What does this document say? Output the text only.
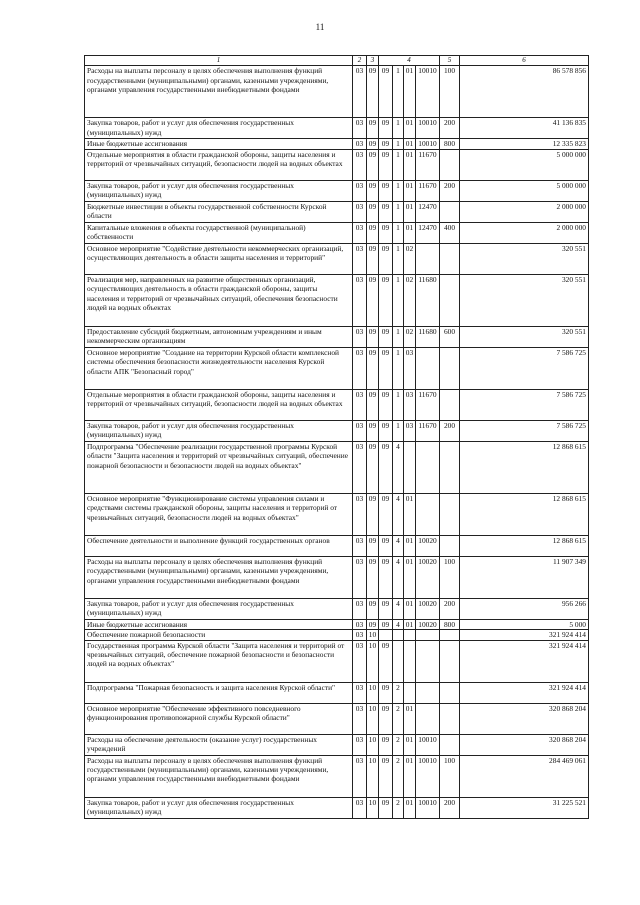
11
1	2	3	4				5	6
Расходы на выплаты персоналу в целях обеспечения выполнения функций государственными (муниципальными) органами, казенными учреждениями, органами управления государственными внебюджетными фондами	03	09	09	1	01	10010	100	86 578 856
Закупка товаров, работ и услуг для обеспечения государственных (муниципальных) нужд	03	09	09	1	01	10010	200	41 136 835
Иные бюджетные ассигнования	03	09	09	1	01	10010	800	12 335 823
Отдельные мероприятия в области гражданской обороны, защиты населения и территорий от чрезвычайных ситуаций, безопасности людей на водных объектах	03	09	09	1	01	11670		5 000 000
Закупка товаров, работ и услуг для обеспечения государственных (муниципальных) нужд	03	09	09	1	01	11670	200	5 000 000
Бюджетные инвестиции в объекты государственной собственности Курской области	03	09	09	1	01	12470		2 000 000
Капитальные вложения в объекты государственной (муниципальной) собственности	03	09	09	1	01	12470	400	2 000 000
Основное мероприятие "Содействие деятельности некоммерческих организаций, осуществляющих деятельность в области защиты населения и территорий"	03	09	09	1	02			320 551
Реализация мер, направленных на развитие общественных организаций, осуществляющих деятельность в области гражданской обороны, защиты населения и территорий от чрезвычайных ситуаций, обеспечения безопасности людей на водных объектах	03	09	09	1	02	11680		320 551
Предоставление субсидий бюджетным, автономным учреждениям и иным некоммерческим организациям	03	09	09	1	02	11680	600	320 551
Основное мероприятие "Создание на территории Курской области комплексной системы обеспечения безопасности жизнедеятельности населения Курской области АПК "Безопасный город"	03	09	09	1	03			7 586 725
Отдельные мероприятия в области гражданской обороны, защиты населения и территорий от чрезвычайных ситуаций, безопасности людей на водных объектах	03	09	09	1	03	11670		7 586 725
Закупка товаров, работ и услуг для обеспечения государственных (муниципальных) нужд	03	09	09	1	03	11670	200	7 586 725
Подпрограмма "Обеспечение реализации государственной программы Курской области "Защита населения и территорий от чрезвычайных ситуаций, обеспечение пожарной безопасности и безопасности людей на водных объектах"	03	09	09	4				12 868 615
Основное мероприятие "Функционирование системы управления силами и средствами системы гражданской обороны, защиты населения и территорий от чрезвычайных ситуаций, безопасности людей на водных объектах"	03	09	09	4	01			12 868 615
Обеспечение деятельности и выполнение функций государственных органов	03	09	09	4	01	10020		12 868 615
Расходы на выплаты персоналу в целях обеспечения выполнения функций государственными (муниципальными) органами, казенными учреждениями, органами управления государственными внебюджетными фондами	03	09	09	4	01	10020	100	11 907 349
Закупка товаров, работ и услуг для обеспечения государственных (муниципальных) нужд	03	09	09	4	01	10020	200	956 266
Иные бюджетные ассигнования	03	09	09	4	01	10020	800	5 000
Обеспечение пожарной безопасности	03	10						321 924 414
Государственная программа Курской области "Защита населения и территорий от чрезвычайных ситуаций, обеспечение пожарной безопасности и безопасности людей на водных объектах"	03	10	09					321 924 414
Подпрограмма "Пожарная безопасность и защита населения Курской области"	03	10	09	2				321 924 414
Основное мероприятие "Обеспечение эффективного повседневного функционирования противопожарной службы Курской области"	03	10	09	2	01			320 868 204
Расходы на обеспечение деятельности (оказание услуг) государственных учреждений	03	10	09	2	01	10010		320 868 204
Расходы на выплаты персоналу в целях обеспечения выполнения функций государственными (муниципальными) органами, казенными учреждениями, органами управления государственными внебюджетными фондами	03	10	09	2	01	10010	100	284 469 061
Закупка товаров, работ и услуг для обеспечения государственных (муниципальных) нужд	03	10	09	2	01	10010	200	31 225 521
